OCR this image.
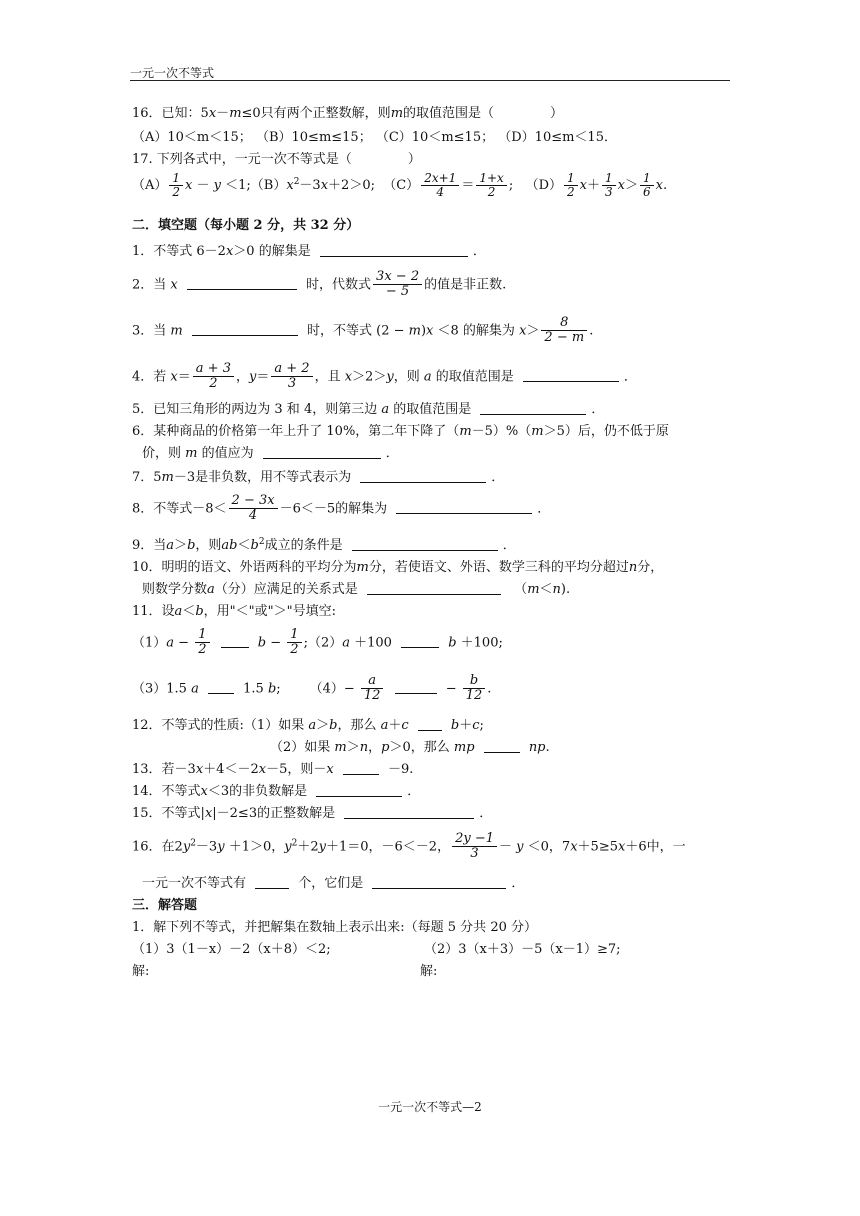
一元一次不等式
16．已知：5x－m≤0只有两个正整数解，则m的取值范围是（	）
（A）10＜m＜15； （B）10≤m≤15； （C）10＜m≤15； （D）10≤m＜15．
17. 下列各式中，一元一次不等式是（	）
$(A) \frac{1}{2}$ $x - y <1;(B)x^2-3x+2>0$;  $(C) \frac{2x+1}{4} = \frac{1+x}{2}$ ;   $(D) \frac{1}{2} x+ \frac{1}{3} x> \frac{1}{6} x$.
二．填空题（每小题 2 分，共 32 分）
1．不等式 6－2x＞0 的解集是	．
2．当 x	时，代数式 $\frac{3x - 2}{- 5}$ 的值是非正数.
3．当 m	时，不等式 (2 − m)x ＜8 的解集为 $x> \frac{8}{2 - m}$ .
4．若 $x= \frac{a + 3}{2}$ ，$y= \frac{a + 2}{3}$ ，且 x＞2＞y，则 a 的取值范围是	．
5．已知三角形的两边为 3 和 4，则第三边 a 的取值范围是	．
6．某种商品的价格第一年上升了 10%，第二年下降了（m－5）%（m＞5）后，仍不低于原
价，则 m 的值应为	．
7．5m－3是非负数，用不等式表示为	．
8．不等式$-8< \frac{2 - 3x}{4} -6<-5$的解集为	．
9．当a＞b，则$ab<b^2$成立的条件是	．
10．明明的语文、外语两科的平均分为m分，若使语文、外语、数学三科的平均分超过n分，
则数学分数a（分）应满足的关系式是	（m＜n).
11．设a＜b，用"＜"或"＞"号填空:
$(1)a - \frac{1}{2}$	$b - \frac{1}{2}$ ;（2）a ＋100	b ＋100;
（3）1.5 a	1.5 b;       $(4)- \frac{a}{12}$	− $\frac{b}{12}$ .
12．不等式的性质:（1）如果 a＞b，那么 a＋c	b＋c;
（2）如果 m＞n，p＞0，那么 mp	np.
13．若－3x＋4＜－2x－5，则－x	－9.
14．不等式x＜3的非负数解是	．
15．不等式|x|－2≤3的正整数解是	．
16．在$2y^2-3y +1>0$，$y^2+2y+1=0$，－6＜－2， $\frac{2y -1}{3} - y <0$，7x＋5≥5x＋6中，一
一元一次不等式有	个，它们是	．
三．解答题
1．解下列不等式，并把解集在数轴上表示出来:（每题 5 分共 20 分）
（1）3（1－x）－2（x＋8）＜2;	（2）3（x＋3）－5（x－1）≥7;
解:	解:
一元一次不等式—2
